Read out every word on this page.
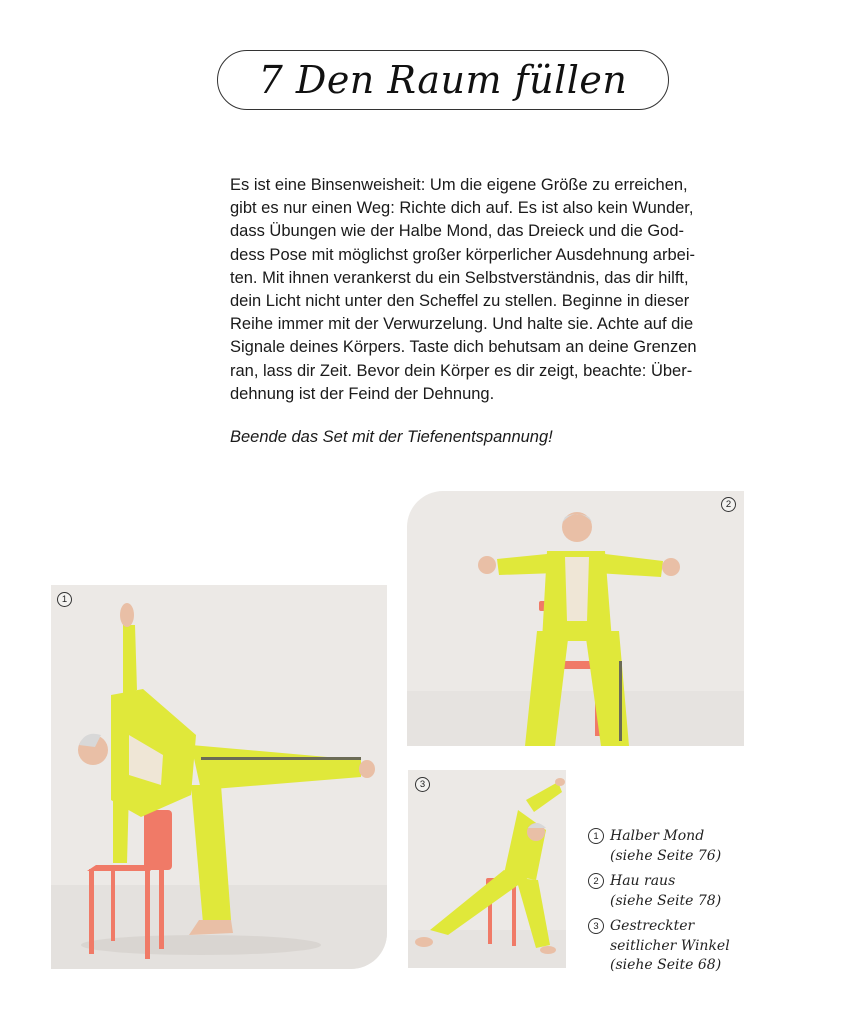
7 Den Raum füllen
Es ist eine Binsenweisheit: Um die eigene Größe zu erreichen,
gibt es nur einen Weg: Richte dich auf. Es ist also kein Wunder,
dass Übungen wie der Halbe Mond, das Dreieck und die God-
dess Pose mit möglichst großer körperlicher Ausdehnung arbei-
ten. Mit ihnen verankerst du ein Selbstverständnis, das dir hilft,
dein Licht nicht unter den Scheffel zu stellen. Beginne in dieser
Reihe immer mit der Verwurzelung. Und halte sie. Achte auf die
Signale deines Körpers. Taste dich behutsam an deine Grenzen
ran, lass dir Zeit. Bevor dein Körper es dir zeigt, beachte: Über-
dehnung ist der Feind der Dehnung.
Beende das Set mit der Tiefenentspannung!
1
2
3
1 Halber Mond
(siehe Seite 76)
2 Hau raus
(siehe Seite 78)
3 Gestreckter
seitlicher Winkel
(siehe Seite 68)
